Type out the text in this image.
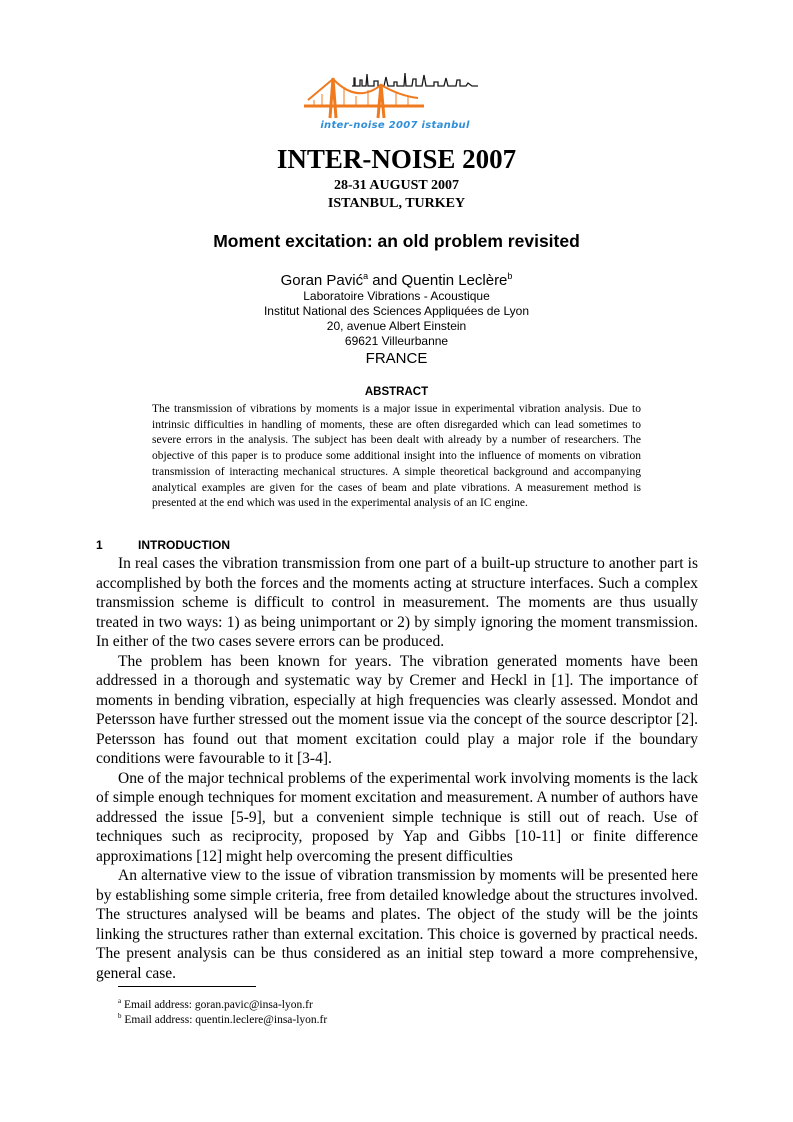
inter-noise 2007 istanbul
INTER-NOISE 2007
28-31 AUGUST 2007
ISTANBUL, TURKEY
Moment excitation: an old problem revisited
Goran Pavić$^a$ and Quentin Leclère$^b$
Laboratoire Vibrations - Acoustique
Institut National des Sciences Appliquées de Lyon
20, avenue Albert Einstein
69621 Villeurbanne
FRANCE
ABSTRACT

The transmission of vibrations by moments is a major issue in experimental vibration analysis. Due to intrinsic difficulties in handling of moments, these are often disregarded which can lead sometimes to severe errors in the analysis. The subject has been dealt with already by a number of researchers. The objective of this paper is to produce some additional insight into the influence of moments on vibration transmission of interacting mechanical structures. A simple theoretical background and accompanying analytical examples are given for the cases of beam and plate vibrations. A measurement method is presented at the end which was used in the experimental analysis of an IC engine.

1	INTRODUCTION

In real cases the vibration transmission from one part of a built-up structure to another part is accomplished by both the forces and the moments acting at structure interfaces. Such a complex transmission scheme is difficult to control in measurement. The moments are thus usually treated in two ways: 1) as being unimportant or 2) by simply ignoring the moment transmission. In either of the two cases severe errors can be produced.

The problem has been known for years. The vibration generated moments have been addressed in a thorough and systematic way by Cremer and Heckl in [1]. The importance of moments in bending vibration, especially at high frequencies was clearly assessed. Mondot and Petersson have further stressed out the moment issue via the concept of the source descriptor [2]. Petersson has found out that moment excitation could play a major role if the boundary conditions were favourable to it [3-4].

One of the major technical problems of the experimental work involving moments is the lack of simple enough techniques for moment excitation and measurement. A number of authors have addressed the issue [5-9], but a convenient simple technique is still out of reach. Use of techniques such as reciprocity, proposed by Yap and Gibbs [10-11] or finite difference approximations [12] might help overcoming the present difficulties

An alternative view to the issue of vibration transmission by moments will be presented here by establishing some simple criteria, free from detailed knowledge about the structures involved. The structures analysed will be beams and plates. The object of the study will be the joints linking the structures rather than external excitation. This choice is governed by practical needs. The present analysis can be thus considered as an initial step toward a more comprehensive, general case.

$^a$ Email address: goran.pavic@insa-lyon.fr
$^b$ Email address: quentin.leclere@insa-lyon.fr
